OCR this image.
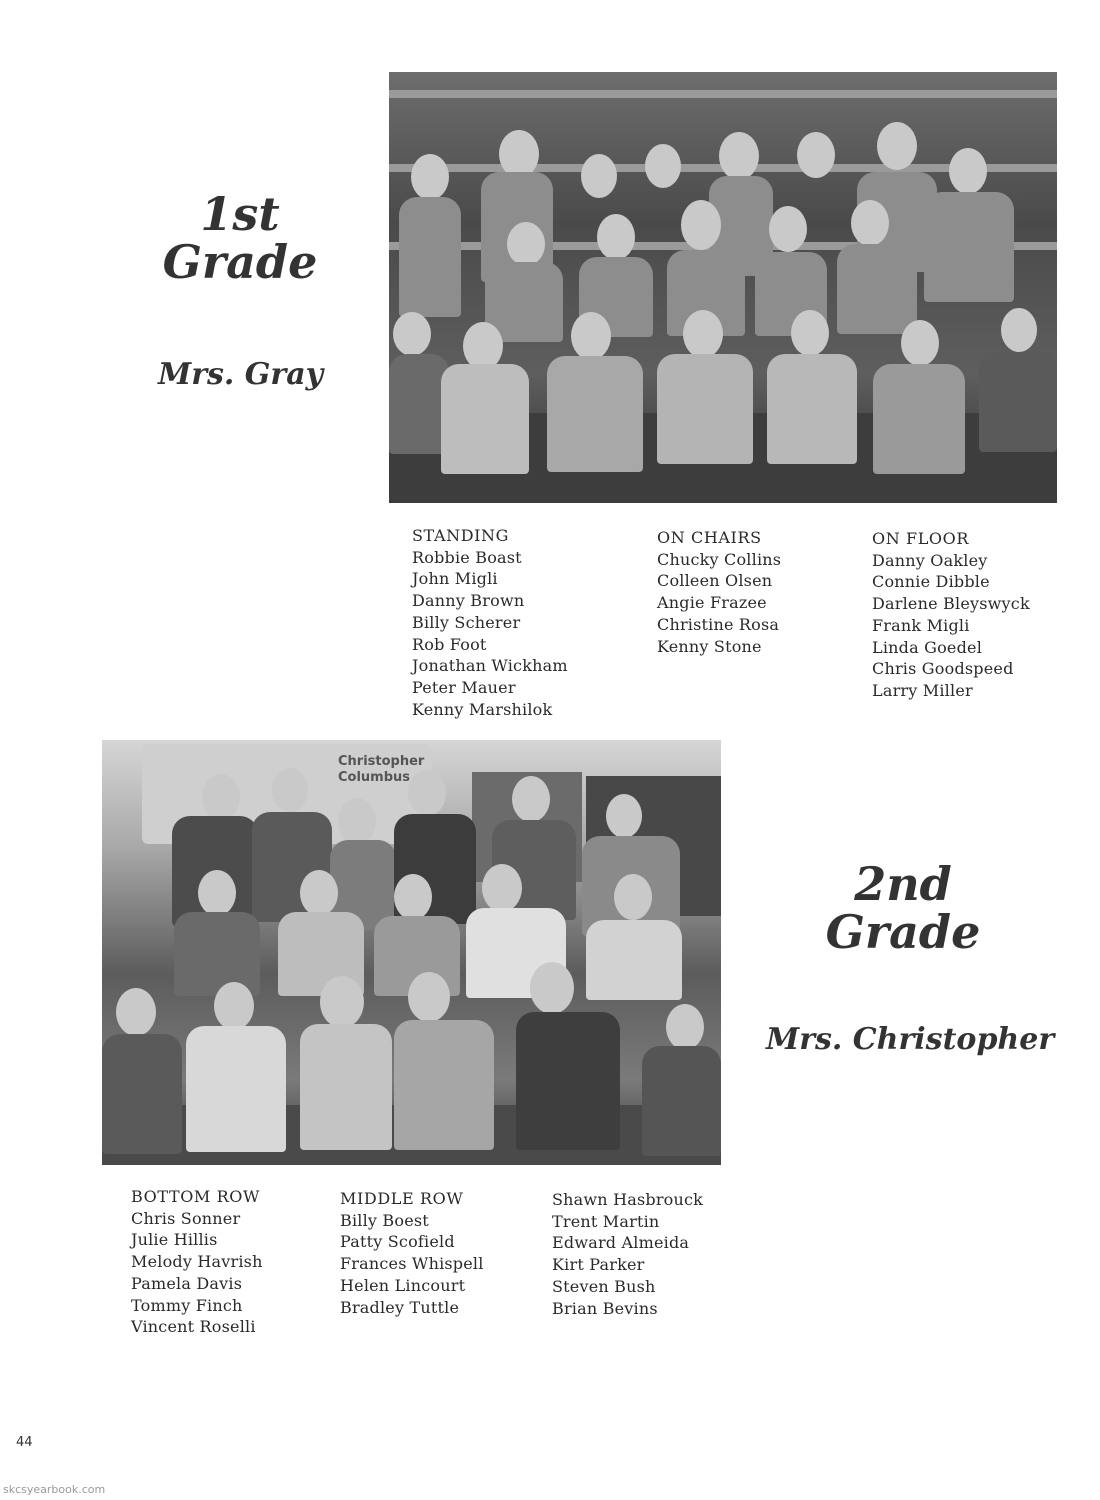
1st
Grade
Mrs. Gray
STANDING
Robbie Boast
John Migli
Danny Brown
Billy Scherer
Rob Foot
Jonathan Wickham
Peter Mauer
Kenny Marshilok
ON CHAIRS
Chucky Collins
Colleen Olsen
Angie Frazee
Christine Rosa
Kenny Stone
ON FLOOR
Danny Oakley
Connie Dibble
Darlene Bleyswyck
Frank Migli
Linda Goedel
Chris Goodspeed
Larry Miller
Christopher Columbus
2nd
Grade
Mrs. Christopher
BOTTOM ROW
Chris Sonner
Julie Hillis
Melody Havrish
Pamela Davis
Tommy Finch
Vincent Roselli
MIDDLE ROW
Billy Boest
Patty Scofield
Frances Whispell
Helen Lincourt
Bradley Tuttle
Shawn Hasbrouck
Trent Martin
Edward Almeida
Kirt Parker
Steven Bush
Brian Bevins
44
skcsyearbook.com
